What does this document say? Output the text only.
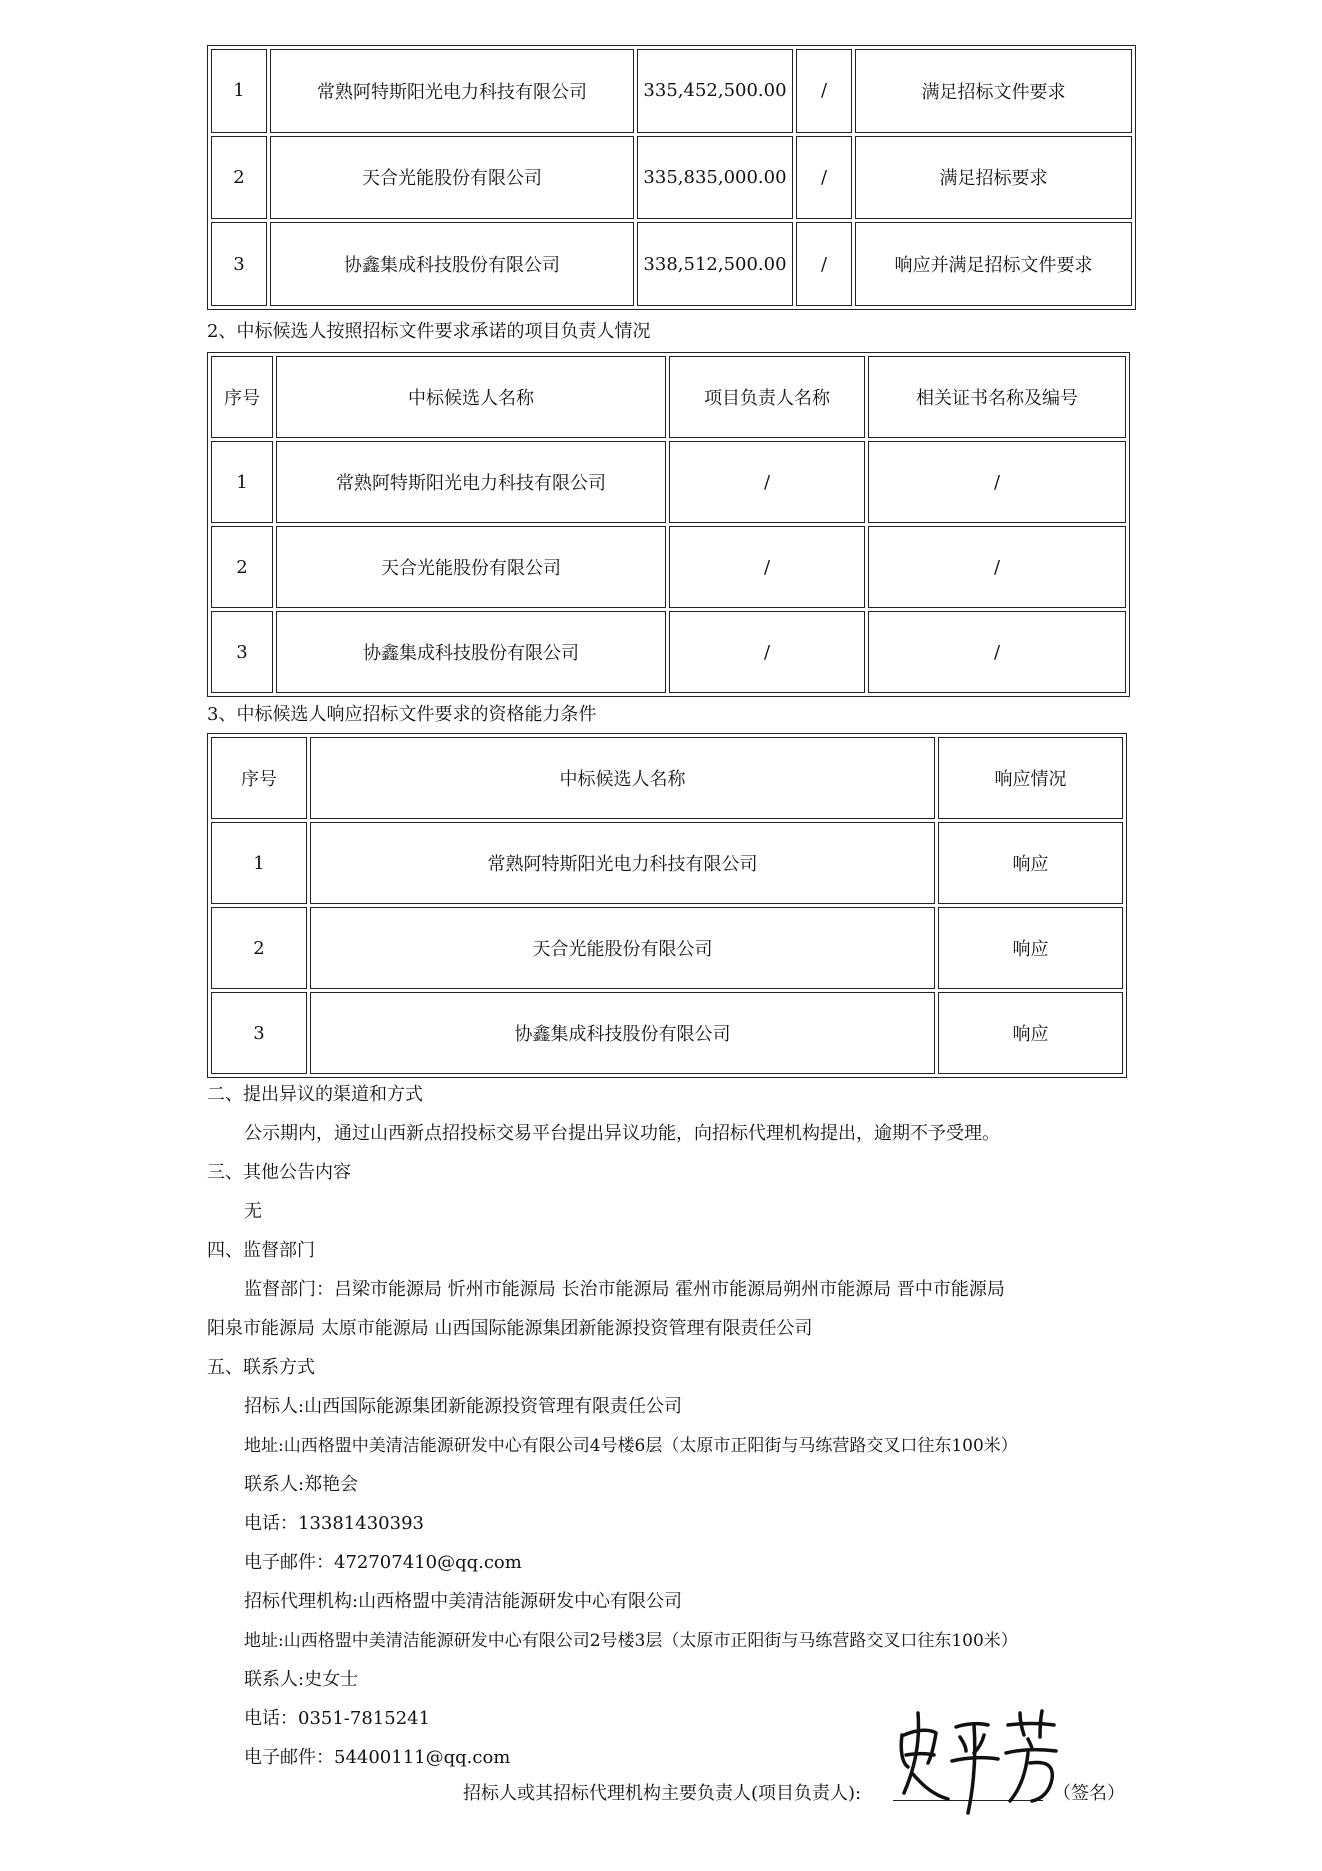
1	常熟阿特斯阳光电力科技有限公司	335,452,500.00	/	满足招标文件要求
2	天合光能股份有限公司	335,835,000.00	/	满足招标要求
3	协鑫集成科技股份有限公司	338,512,500.00	/	响应并满足招标文件要求
2、中标候选人按照招标文件要求承诺的项目负责人情况
序号	中标候选人名称	项目负责人名称	相关证书名称及编号
1	常熟阿特斯阳光电力科技有限公司	/	/
2	天合光能股份有限公司	/	/
3	协鑫集成科技股份有限公司	/	/
3、中标候选人响应招标文件要求的资格能力条件
序号	中标候选人名称	响应情况
1	常熟阿特斯阳光电力科技有限公司	响应
2	天合光能股份有限公司	响应
3	协鑫集成科技股份有限公司	响应
二、提出异议的渠道和方式
公示期内，通过山西新点招投标交易平台提出异议功能，向招标代理机构提出，逾期不予受理。
三、其他公告内容
无
四、监督部门
监督部门：吕梁市能源局 忻州市能源局 长治市能源局 霍州市能源局朔州市能源局 晋中市能源局
阳泉市能源局 太原市能源局 山西国际能源集团新能源投资管理有限责任公司
五、联系方式
招标人:山西国际能源集团新能源投资管理有限责任公司
地址:山西格盟中美清洁能源研发中心有限公司4号楼6层（太原市正阳街与马练营路交叉口往东100米）
联系人:郑艳会
电话：13381430393
电子邮件：472707410@qq.com
招标代理机构:山西格盟中美清洁能源研发中心有限公司
地址:山西格盟中美清洁能源研发中心有限公司2号楼3层（太原市正阳街与马练营路交叉口往东100米）
联系人:史女士
电话：0351-7815241
电子邮件：54400111@qq.com
招标人或其招标代理机构主要负责人(项目负责人):	（签名）
